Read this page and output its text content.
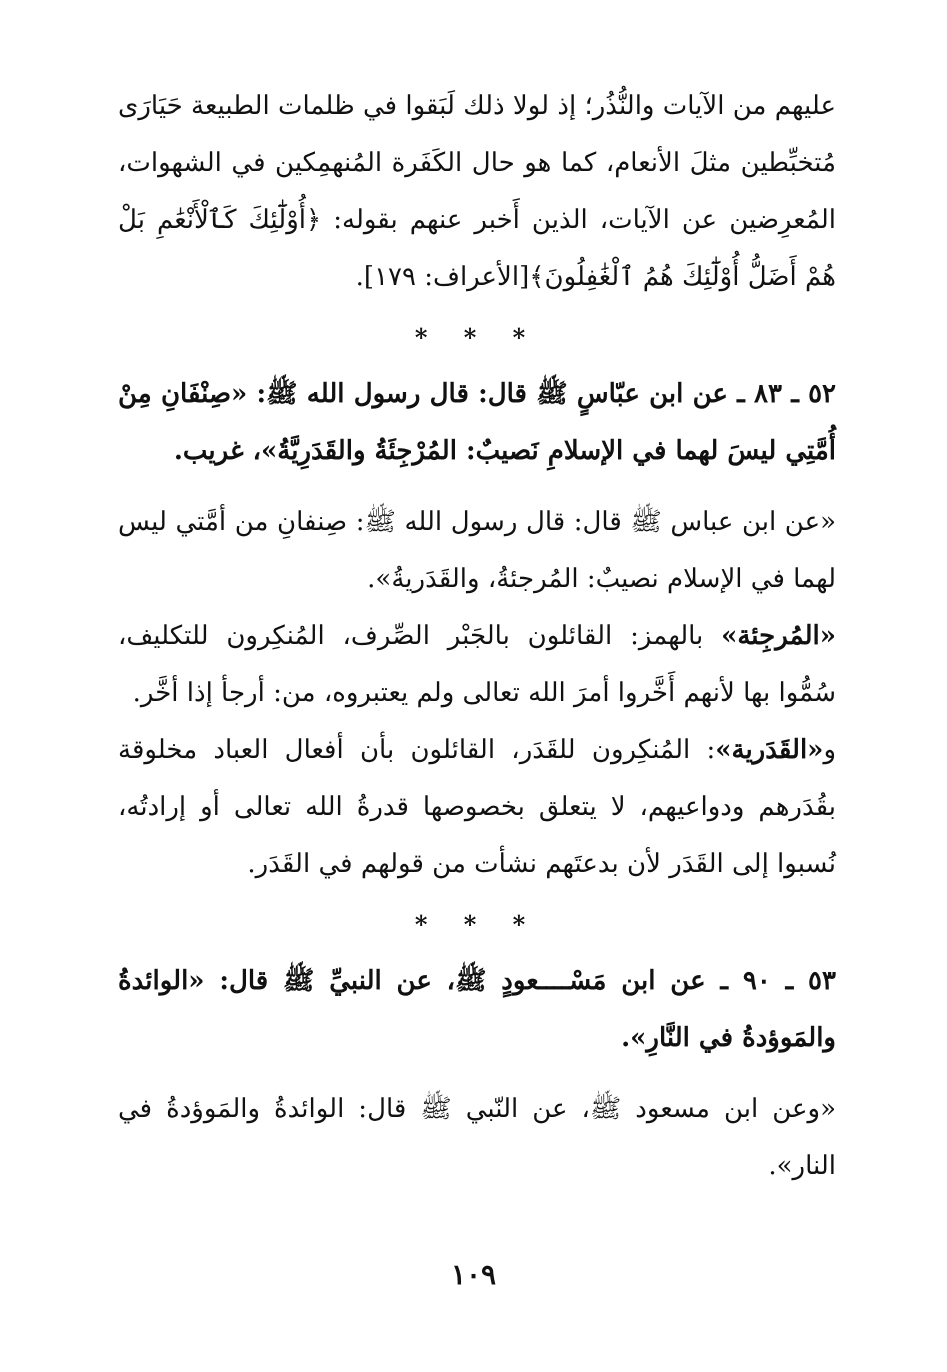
عليهم من الآيات والنُّذُر؛ إذ لولا ذلك لَبَقوا في ظلمات الطبيعة حَيَارَى مُتخبِّطين مثلَ الأنعام، كما هو حال الكَفَرة المُنهمِكين في الشهوات، المُعرِضين عن الآيات، الذين أَخبر عنهم بقوله: ﴿أُوْلَٰٓئِكَ كَٱلْأَنْعَٰمِ بَلْ هُمْ أَضَلُّ أُوْلَٰٓئِكَ هُمُ ٱلْغَٰفِلُونَ﴾[الأعراف: ١٧٩].

* * *

٥٢ ـ ٨٣ ـ عن ابن عبّاسٍ ﷺ قال: قال رسول الله ﷺ: «صِنْفَانِ مِنْ أُمَّتِي ليسَ لهما في الإسلامِ نَصيبٌ: المُرْجِئَةُ والقَدَرِيَّةُ»، غريب.

«عن ابن عباس ﷺ قال: قال رسول الله ﷺ: صِنفانِ من أمَّتي ليس لهما في الإسلام نصيبٌ: المُرجئةُ، والقَدَريةُ».

«المُرجِئة» بالهمز: القائلون بالجَبْر الصِّرف، المُنكِرون للتكليف، سُمُّوا بها لأنهم أَخَّروا أمرَ الله تعالى ولم يعتبروه، من: أرجأ إذا أخَّر.

و«القَدَرية»: المُنكِرون للقَدَر، القائلون بأن أفعال العباد مخلوقة بقُدَرهم ودواعيهم، لا يتعلق بخصوصها قدرةُ الله تعالى أو إرادتُه، نُسبوا إلى القَدَر لأن بدعتَهم نشأت من قولهم في القَدَر.

* * *

٥٣ ـ ٩٠ ـ عن ابن مَسْــــعودٍ ﷺ، عن النبيِّ ﷺ قال: «الوائدةُ والمَوؤدةُ في النَّارِ».

«وعن ابن مسعود ﷺ، عن النّبي ﷺ قال: الوائدةُ والمَوؤدةُ في النار».

١٠٩
